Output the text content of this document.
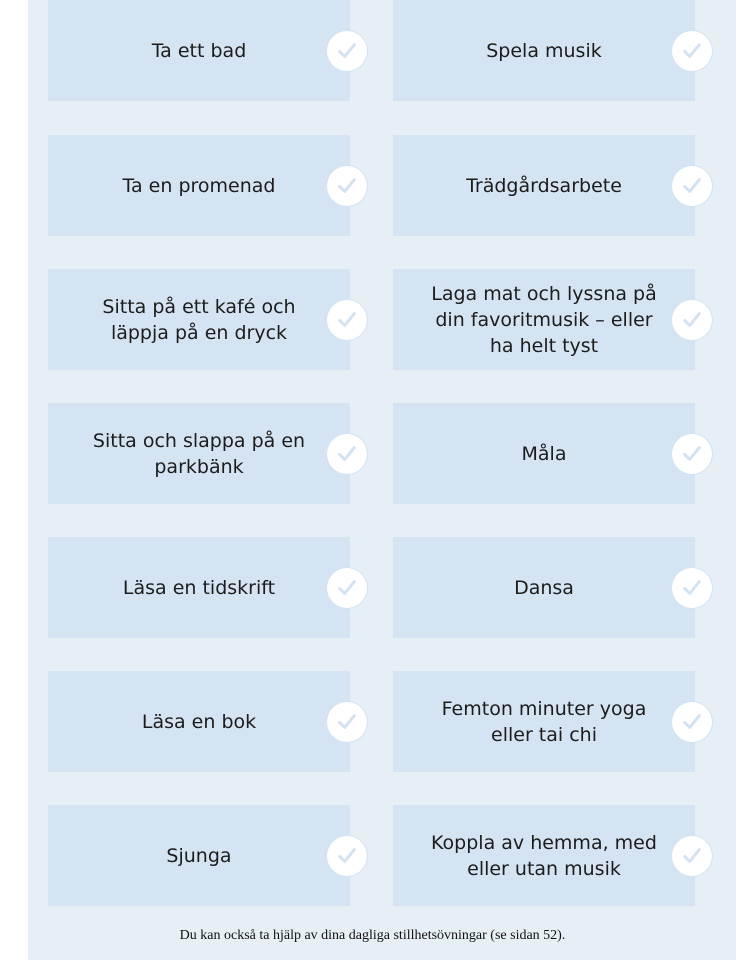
Ta ett bad	Spela musik
Ta en promenad	Trädgårdsarbete
Sitta på ett kafé och läppja på en dryck
Laga mat och lyssna på din favoritmusik – eller ha helt tyst
Sitta och slappa på en parkbänk
Måla
Läsa en tidskrift	Dansa
Läsa en bok
Femton minuter yoga eller tai chi
Sjunga
Koppla av hemma, med eller utan musik
Du kan också ta hjälp av dina dagliga stillhetsövningar (se sidan 52).
